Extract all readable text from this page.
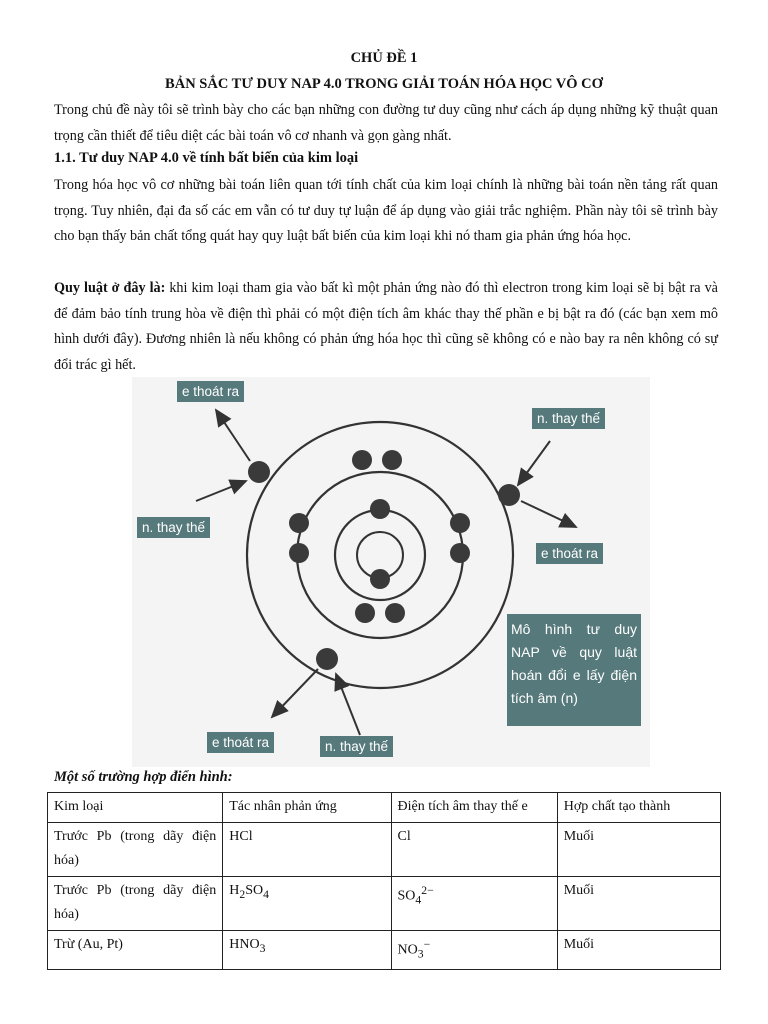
CHỦ ĐỀ 1
BẢN SẮC TƯ DUY NAP 4.0 TRONG GIẢI TOÁN HÓA HỌC VÔ CƠ
Trong chủ đề này tôi sẽ trình bày cho các bạn những con đường tư duy cũng như cách áp dụng những kỹ thuật quan trọng cần thiết để tiêu diệt các bài toán vô cơ nhanh và gọn gàng nhất.
1.1. Tư duy NAP 4.0 về tính bất biến của kim loại
Trong hóa học vô cơ những bài toán liên quan tới tính chất của kim loại chính là những bài toán nền tảng rất quan trọng. Tuy nhiên, đại đa số các em vẫn có tư duy tự luận để áp dụng vào giải trắc nghiệm. Phần này tôi sẽ trình bày cho bạn thấy bản chất tổng quát hay quy luật bất biến của kim loại khi nó tham gia phản ứng hóa học.
Quy luật ở đây là: khi kim loại tham gia vào bất kì một phản ứng nào đó thì electron trong kim loại sẽ bị bật ra và để đảm bảo tính trung hòa về điện thì phải có một điện tích âm khác thay thế phần e bị bật ra đó (các bạn xem mô hình dưới đây). Đương nhiên là nếu không có phản ứng hóa học thì cũng sẽ không có e nào bay ra nên không có sự đổi trác gì hết.
e thoát ra
n. thay thế
n. thay thế
e thoát ra
e thoát ra	n. thay thế
Mô hình tư duy NAP về quy luật hoán đổi e lấy điện tích âm (n)
Một số trường hợp điển hình:
Kim loại	Tác nhân phản ứng	Điện tích âm thay thế e	Hợp chất tạo thành
Trước Pb (trong dãy điện hóa)	HCl	Cl	Muối
Trước Pb (trong dãy điện hóa)	$H_2SO_4$	$SO_4^{2-}$	Muối
Trừ (Au, Pt)	$HNO_3$	$NO_3^-$	Muối
